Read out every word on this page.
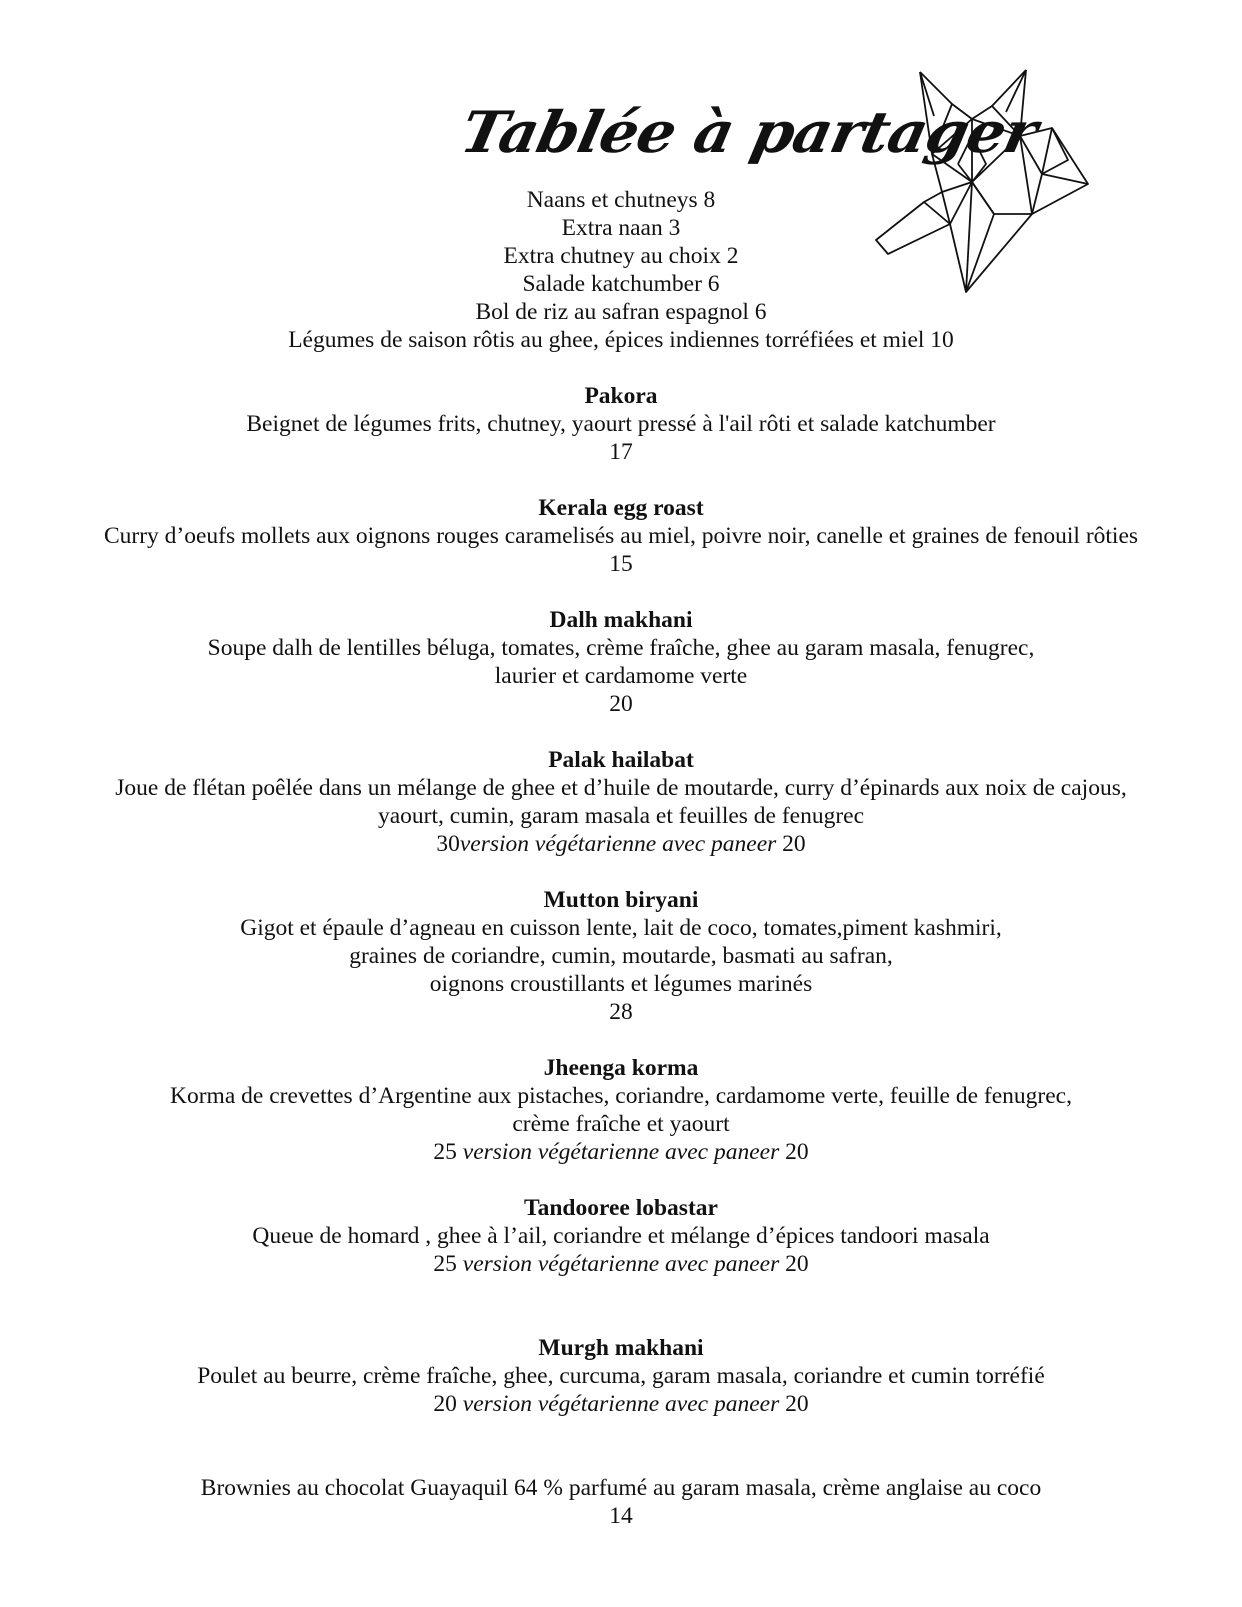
Tablée à partager
Naans et chutneys 8
Extra naan 3
Extra chutney au choix 2
Salade katchumber 6
Bol de riz au safran espagnol 6
Légumes de saison rôtis au ghee, épices indiennes torréfiées et miel 10
Pakora
Beignet de légumes frits, chutney, yaourt pressé à l'ail rôti et salade katchumber
17
Kerala egg roast
Curry d’oeufs mollets aux oignons rouges caramelisés au miel, poivre noir, canelle et graines de fenouil rôties
15
Dalh makhani
Soupe dalh de lentilles béluga, tomates, crème fraîche, ghee au garam masala, fenugrec,
laurier et cardamome verte
20
Palak hailabat
Joue de flétan poêlée dans un mélange de ghee et d’huile de moutarde, curry d’épinards aux noix de cajous,
yaourt, cumin, garam masala et feuilles de fenugrec
30version végétarienne avec paneer 20
Mutton biryani
Gigot et épaule d’agneau en cuisson lente, lait de coco, tomates,piment kashmiri,
graines de coriandre, cumin, moutarde, basmati au safran,
oignons croustillants et légumes marinés
28
Jheenga korma
Korma de crevettes d’Argentine aux pistaches, coriandre, cardamome verte, feuille de fenugrec,
crème fraîche et yaourt
25 version végétarienne avec paneer 20
Tandooree lobastar
Queue de homard , ghee à l’ail, coriandre et mélange d’épices tandoori masala
25 version végétarienne avec paneer 20
Murgh makhani
Poulet au beurre, crème fraîche, ghee, curcuma, garam masala, coriandre et cumin torréfié
20 version végétarienne avec paneer 20
Brownies au chocolat Guayaquil 64 % parfumé au garam masala, crème anglaise au coco
14
